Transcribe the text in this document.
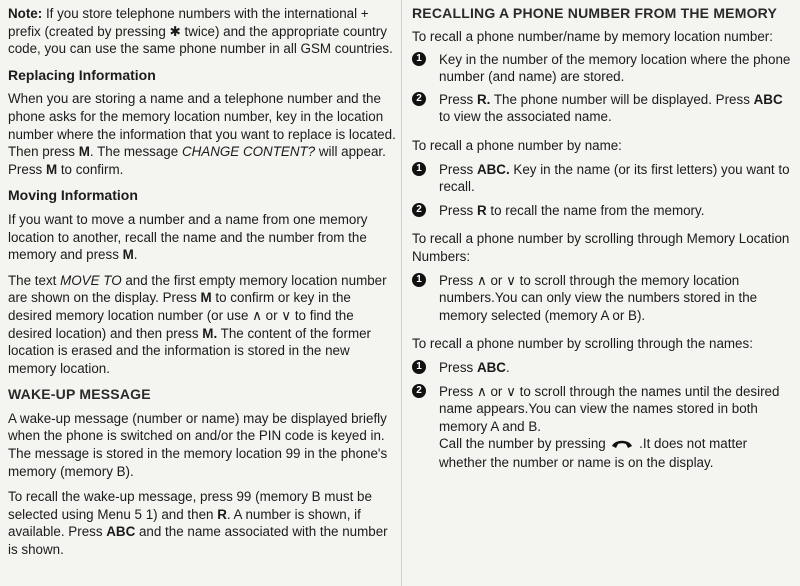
Note: If you store telephone numbers with the international + prefix (created by pressing ✱ twice) and the appropriate country code, you can use the same phone number in all GSM countries.

Replacing Information

When you are storing a name and a telephone number and the phone asks for the memory location number, key in the location number where the information that you want to replace is located. Then press M. The message CHANGE CONTENT? will appear. Press M to confirm.

Moving Information

If you want to move a number and a name from one memory location to another, recall the name and the number from the memory and press M.

The text MOVE TO and the first empty memory location number are shown on the display. Press M to confirm or key in the desired memory location number (or use ∧ or ∨ to find the desired location) and then press M. The content of the former location is erased and the information is stored in the new memory location.

WAKE-UP MESSAGE

A wake-up message (number or name) may be displayed briefly when the phone is switched on and/or the PIN code is keyed in. The message is stored in the memory location 99 in the phone's memory (memory B).

To recall the wake-up message, press 99 (memory B must be selected using Menu 5 1) and then R. A number is shown, if available. Press ABC and the name associated with the number is shown.

RECALLING A PHONE NUMBER FROM THE MEMORY

To recall a phone number/name by memory location number:

1	Key in the number of the memory location where the phone number (and name) are stored.
2	Press R. The phone number will be displayed. Press ABC to view the associated name.

To recall a phone number by name:

1	Press ABC. Key in the name (or its first letters) you want to recall.
2	Press R to recall the name from the memory.

To recall a phone number by scrolling through Memory Location Numbers:

1	Press ∧ or ∨ to scroll through the memory location numbers.You can only view the numbers stored in the memory selected (memory A or B).

To recall a phone number by scrolling through the names:

1	Press ABC.
2	Press ∧ or ∨ to scroll through the names until the desired name appears.You can view the names stored in both memory A and B.
Call the number by pressing  .It does not matter whether the number or name is on the display.
